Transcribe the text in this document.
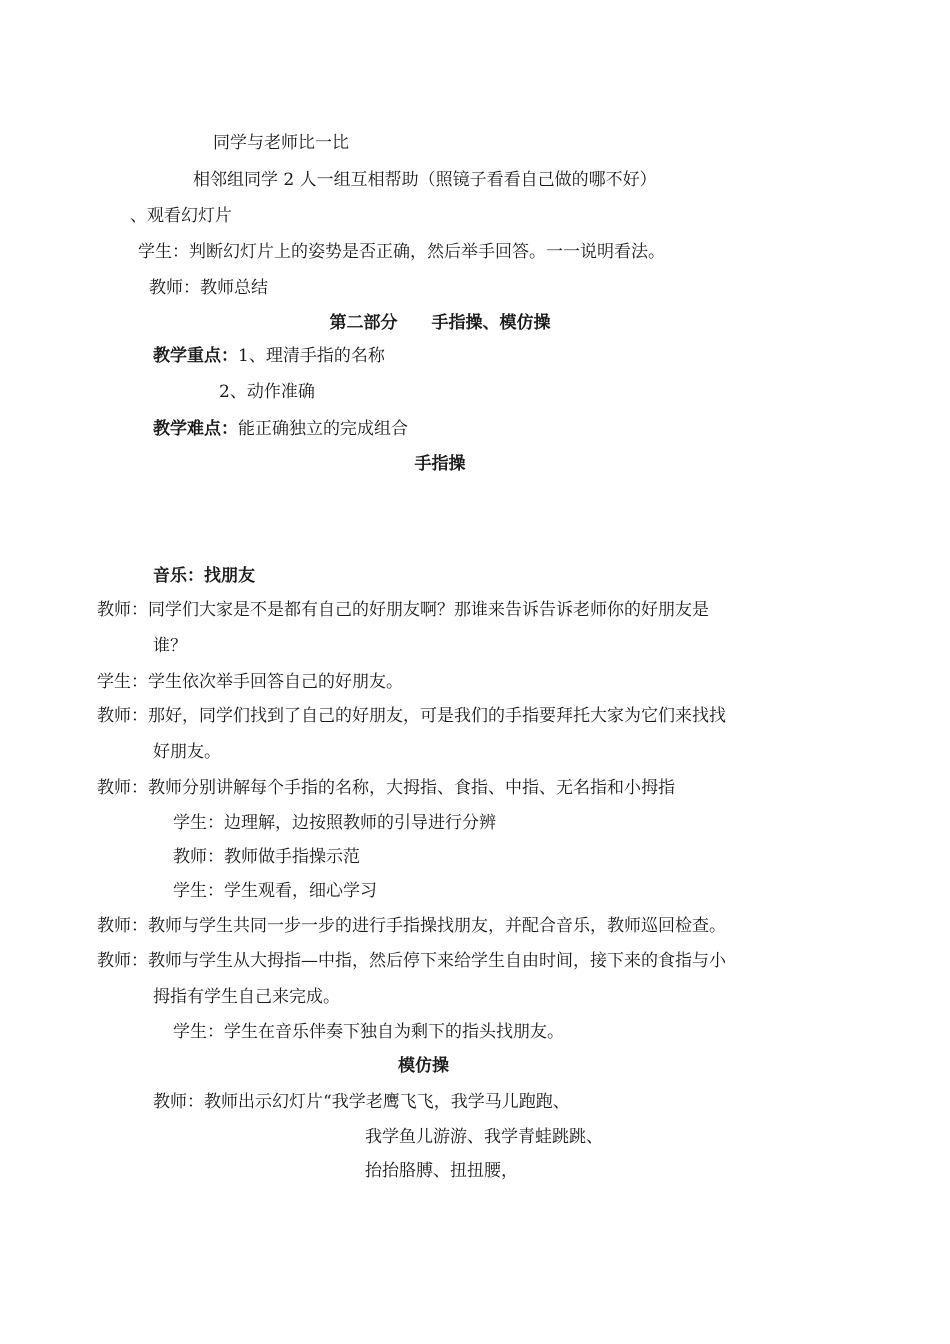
同学与老师比一比
相邻组同学 2 人一组互相帮助（照镜子看看自己做的哪不好）
、观看幻灯片
学生：判断幻灯片上的姿势是否正确，然后举手回答。一一说明看法。
教师：教师总结
第二部分　　手指操、模仿操
教学重点：1、理清手指的名称
2、动作准确
教学难点：能正确独立的完成组合
手指操
音乐：找朋友
教师：同学们大家是不是都有自己的好朋友啊？那谁来告诉告诉老师你的好朋友是
谁？
学生：学生依次举手回答自己的好朋友。
教师：那好，同学们找到了自己的好朋友，可是我们的手指要拜托大家为它们来找找
好朋友。
教师：教师分别讲解每个手指的名称，大拇指、食指、中指、无名指和小拇指
学生：边理解，边按照教师的引导进行分辨
教师：教师做手指操示范
学生：学生观看，细心学习
教师：教师与学生共同一步一步的进行手指操找朋友，并配合音乐，教师巡回检查。
教师：教师与学生从大拇指—中指，然后停下来给学生自由时间，接下来的食指与小
拇指有学生自己来完成。
学生：学生在音乐伴奏下独自为剩下的指头找朋友。
模仿操
教师：教师出示幻灯片“我学老鹰飞飞，我学马儿跑跑、
我学鱼儿游游、我学青蛙跳跳、
抬抬胳膊、扭扭腰，
